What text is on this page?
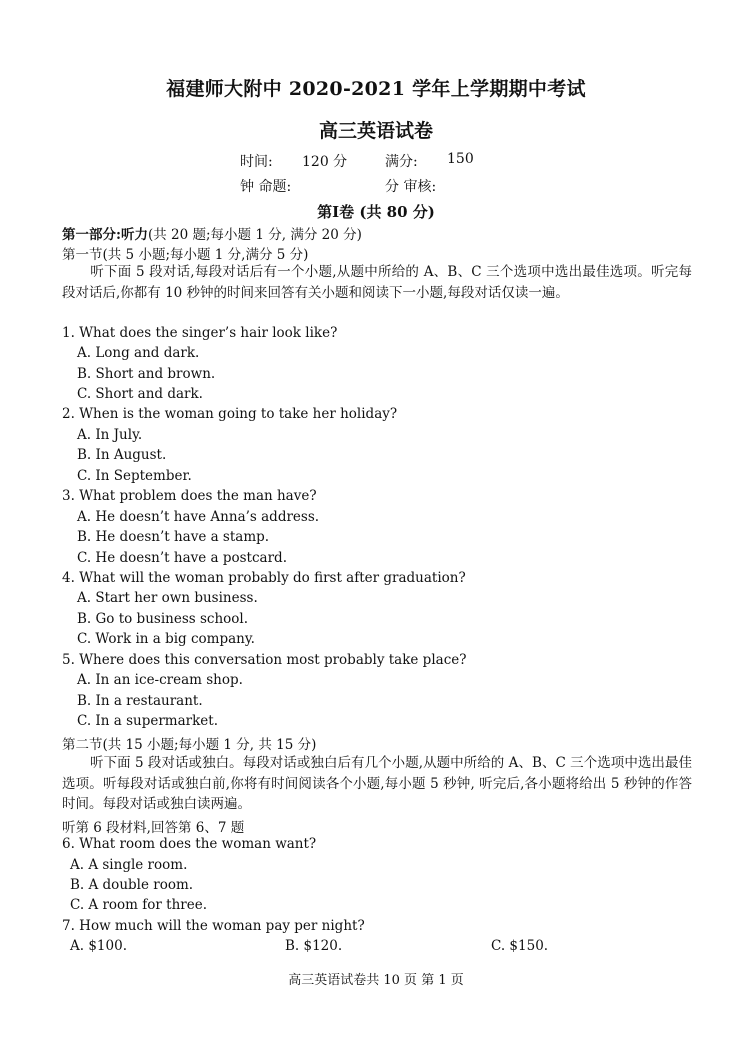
福建师大附中 2020-2021 学年上学期期中考试
高三英语试卷
时间: 120 分	满分: 150
钟 命题:	分 审核:
第Ⅰ卷 (共 80 分)
第一部分:听力(共 20 题;每小题 1 分, 满分 20 分)
第一节(共 5 小题;每小题 1 分,满分 5 分)
听下面 5 段对话,每段对话后有一个小题,从题中所给的 A、B、C 三个选项中选出最佳选项。听完每段对话后,你都有 10 秒钟的时间来回答有关小题和阅读下一小题,每段对话仅读一遍。
1. What does the singer’s hair look like?
A. Long and dark.
B. Short and brown.
C. Short and dark.
2. When is the woman going to take her holiday?
A. In July.
B. In August.
C. In September.
3. What problem does the man have?
A. He doesn’t have Anna’s address.
B. He doesn’t have a stamp.
C. He doesn’t have a postcard.
4. What will the woman probably do first after graduation?
A. Start her own business.
B. Go to business school.
C. Work in a big company.
5. Where does this conversation most probably take place?
A. In an ice-cream shop.
B. In a restaurant.
C. In a supermarket.
第二节(共 15 小题;每小题 1 分, 共 15 分)
听下面 5 段对话或独白。每段对话或独白后有几个小题,从题中所给的 A、B、C 三个选项中选出最佳选项。听每段对话或独白前,你将有时间阅读各个小题,每小题 5 秒钟, 听完后,各小题将给出 5 秒钟的作答时间。每段对话或独白读两遍。
听第 6 段材料,回答第 6、7 题
6. What room does the woman want?
A. A single room.
B. A double room.
C. A room for three.
7. How much will the woman pay per night?
A. $100.	B. $120.	C. $150.
高三英语试卷共 10 页 第 1 页
